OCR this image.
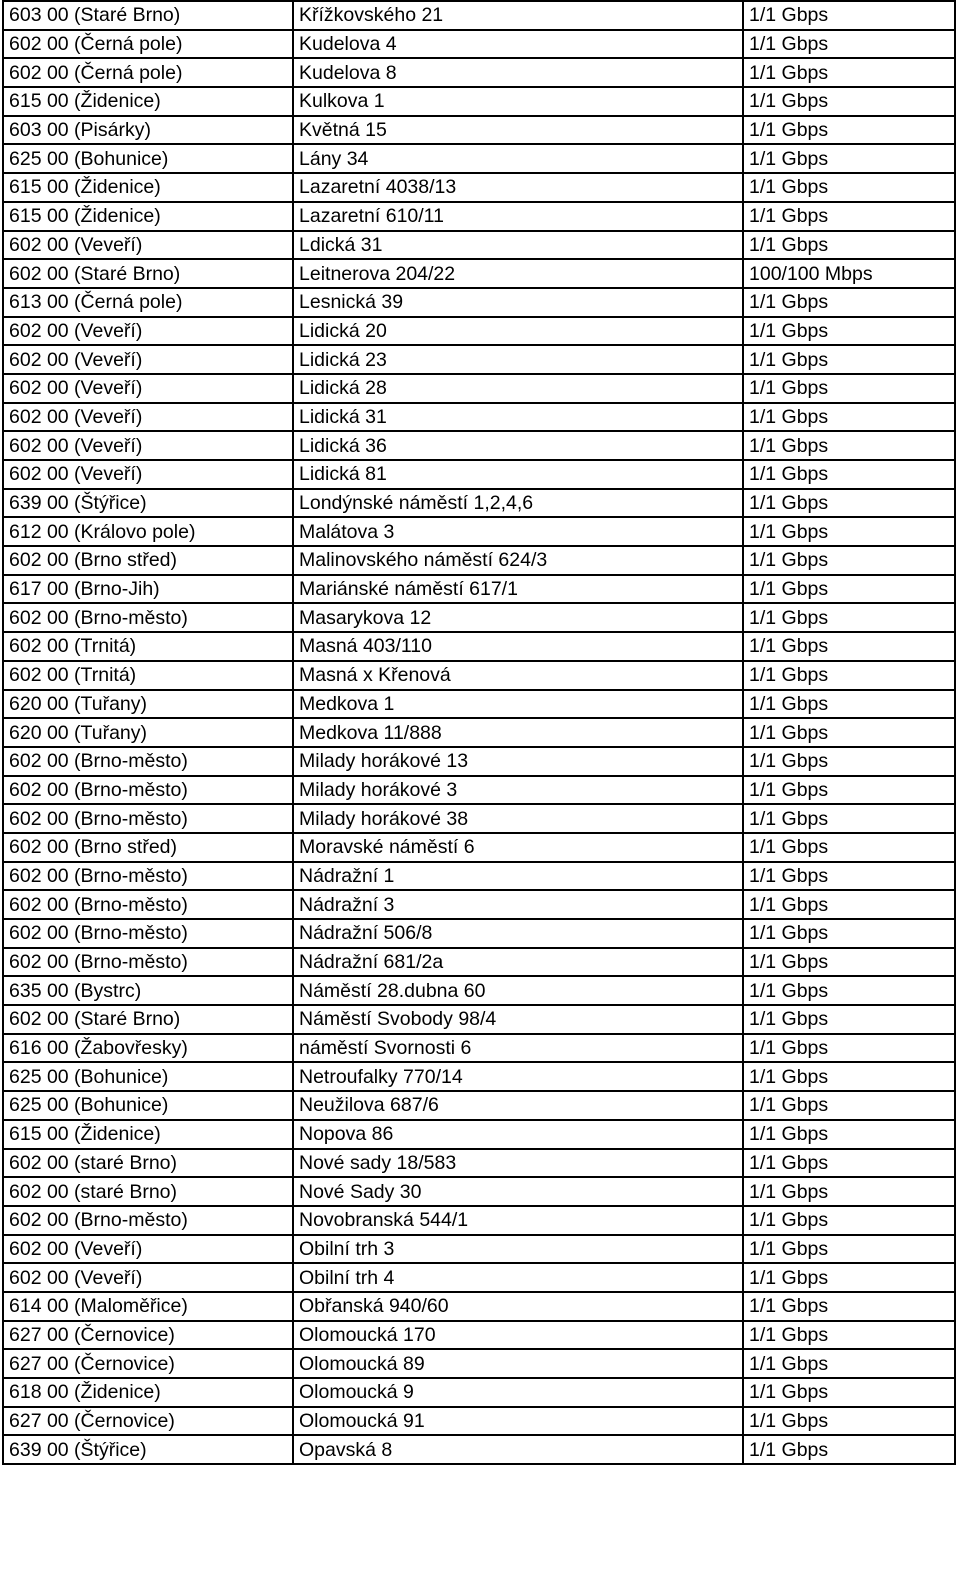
603 00 (Staré Brno)	Křížkovského 21	1/1 Gbps
602 00 (Černá pole)	Kudelova 4	1/1 Gbps
602 00 (Černá pole)	Kudelova 8	1/1 Gbps
615 00 (Židenice)	Kulkova 1	1/1 Gbps
603 00 (Pisárky)	Květná 15	1/1 Gbps
625 00 (Bohunice)	Lány 34	1/1 Gbps
615 00 (Židenice)	Lazaretní 4038/13	1/1 Gbps
615 00 (Židenice)	Lazaretní 610/11	1/1 Gbps
602 00 (Veveří)	Ldická 31	1/1 Gbps
602 00 (Staré Brno)	Leitnerova 204/22	100/100 Mbps
613 00 (Černá pole)	Lesnická 39	1/1 Gbps
602 00 (Veveří)	Lidická 20	1/1 Gbps
602 00 (Veveří)	Lidická 23	1/1 Gbps
602 00 (Veveří)	Lidická 28	1/1 Gbps
602 00 (Veveří)	Lidická 31	1/1 Gbps
602 00 (Veveří)	Lidická 36	1/1 Gbps
602 00 (Veveří)	Lidická 81	1/1 Gbps
639 00 (Štýřice)	Londýnské náměstí 1,2,4,6	1/1 Gbps
612 00 (Královo pole)	Malátova 3	1/1 Gbps
602 00 (Brno střed)	Malinovského náměstí 624/3	1/1 Gbps
617 00 (Brno-Jih)	Mariánské náměstí 617/1	1/1 Gbps
602 00 (Brno-město)	Masarykova 12	1/1 Gbps
602 00 (Trnitá)	Masná 403/110	1/1 Gbps
602 00 (Trnitá)	Masná x Křenová	1/1 Gbps
620 00 (Tuřany)	Medkova 1	1/1 Gbps
620 00 (Tuřany)	Medkova 11/888	1/1 Gbps
602 00 (Brno-město)	Milady horákové 13	1/1 Gbps
602 00 (Brno-město)	Milady horákové 3	1/1 Gbps
602 00 (Brno-město)	Milady horákové 38	1/1 Gbps
602 00 (Brno střed)	Moravské náměstí 6	1/1 Gbps
602 00 (Brno-město)	Nádražní 1	1/1 Gbps
602 00 (Brno-město)	Nádražní 3	1/1 Gbps
602 00 (Brno-město)	Nádražní 506/8	1/1 Gbps
602 00 (Brno-město)	Nádražní 681/2a	1/1 Gbps
635 00 (Bystrc)	Náměstí 28.dubna 60	1/1 Gbps
602 00 (Staré Brno)	Náměstí Svobody 98/4	1/1 Gbps
616 00 (Žabovřesky)	náměstí Svornosti 6	1/1 Gbps
625 00 (Bohunice)	Netroufalky 770/14	1/1 Gbps
625 00 (Bohunice)	Neužilova 687/6	1/1 Gbps
615 00 (Židenice)	Nopova 86	1/1 Gbps
602 00 (staré Brno)	Nové sady 18/583	1/1 Gbps
602 00 (staré Brno)	Nové Sady 30	1/1 Gbps
602 00 (Brno-město)	Novobranská 544/1	1/1 Gbps
602 00 (Veveří)	Obilní trh 3	1/1 Gbps
602 00 (Veveří)	Obilní trh 4	1/1 Gbps
614 00 (Maloměřice)	Obřanská 940/60	1/1 Gbps
627 00 (Černovice)	Olomoucká 170	1/1 Gbps
627 00 (Černovice)	Olomoucká 89	1/1 Gbps
618 00 (Židenice)	Olomoucká 9	1/1 Gbps
627 00 (Černovice)	Olomoucká 91	1/1 Gbps
639 00 (Štýřice)	Opavská 8	1/1 Gbps
